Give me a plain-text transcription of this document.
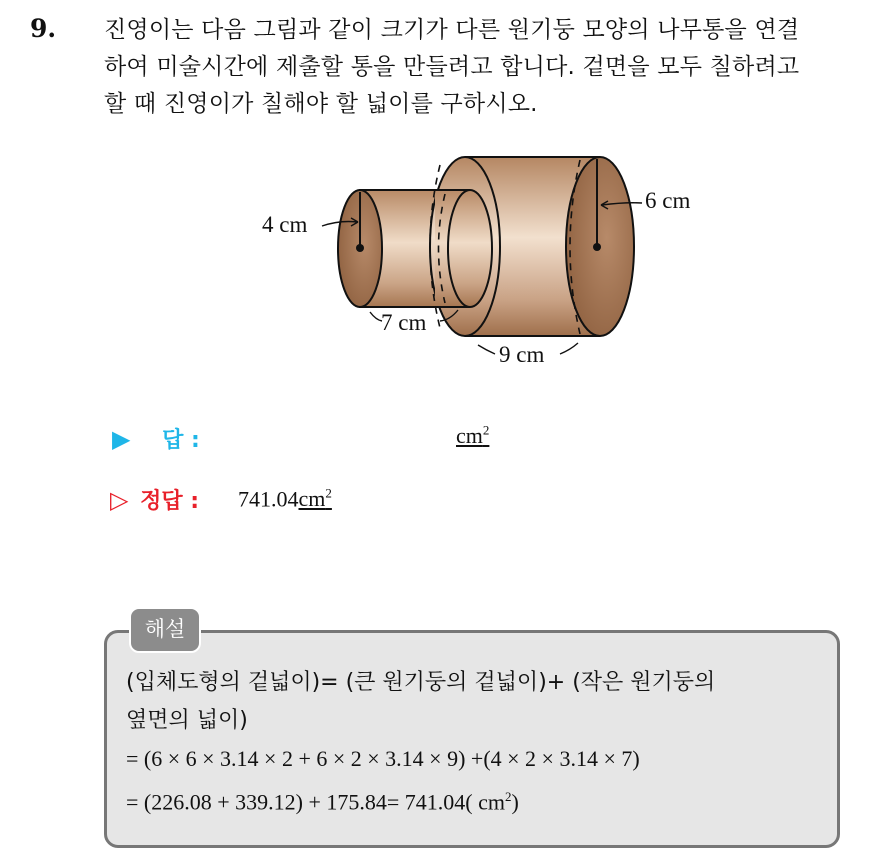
9. 진영이는 다음 그림과 같이 크기가 다른 원기둥 모양의 나무통을 연결
하여 미술시간에 제출할 통을 만들려고 합니다. 겉면을 모두 칠하려고
할 때 진영이가 칠해야 할 넓이를 구하시오.
4 cm
6 cm
7 cm
9 cm
▶ 답 :	$cm^2$
▷ 정답 : $741.04cm^2$
해설
(입체도형의 겉넓이)= (큰 원기둥의 겉넓이)+ (작은 원기둥의
옆면의 넓이)
= (6 × 6 × 3.14 × 2 + 6 × 2 × 3.14 × 9) +(4 × 2 × 3.14 × 7)
= (226.08 + 339.12) + 175.84= 741.04( $cm^2$)
